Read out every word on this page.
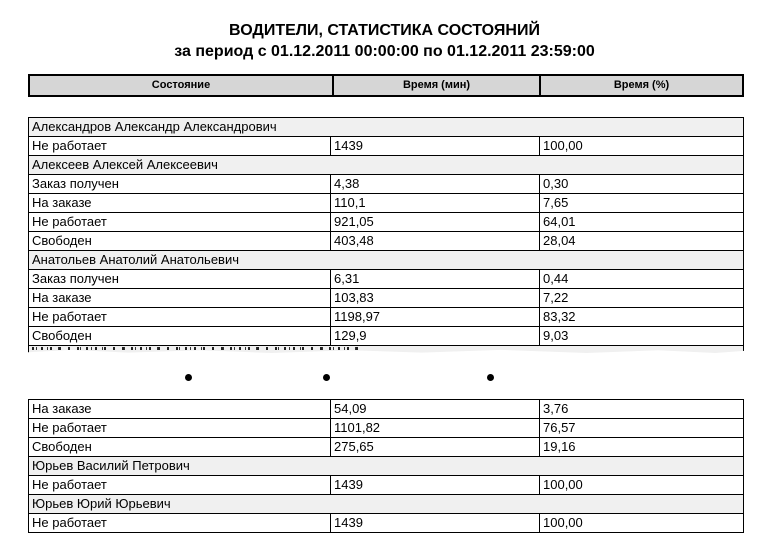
ВОДИТЕЛИ, СТАТИСТИКА СОСТОЯНИЙ
за период с 01.12.2011 00:00:00 по 01.12.2011 23:59:00
Состояние	Время (мин)	Время (%)
Александров Александр Александрович		
Не работает	1439	100,00
Алексеев Алексей Алексеевич		
Заказ получен	4,38	0,30
На заказе	110,1	7,65
Не работает	921,05	64,01
Свободен	403,48	28,04
Анатольев Анатолий Анатольевич		
Заказ получен	6,31	0,44
На заказе	103,83	7,22
Не работает	1198,97	83,32
Свободен	129,9	9,03
На заказе	54,09	3,76
Не работает	1101,82	76,57
Свободен	275,65	19,16
Юрьев Василий Петрович		
Не работает	1439	100,00
Юрьев Юрий Юрьевич		
Не работает	1439	100,00
